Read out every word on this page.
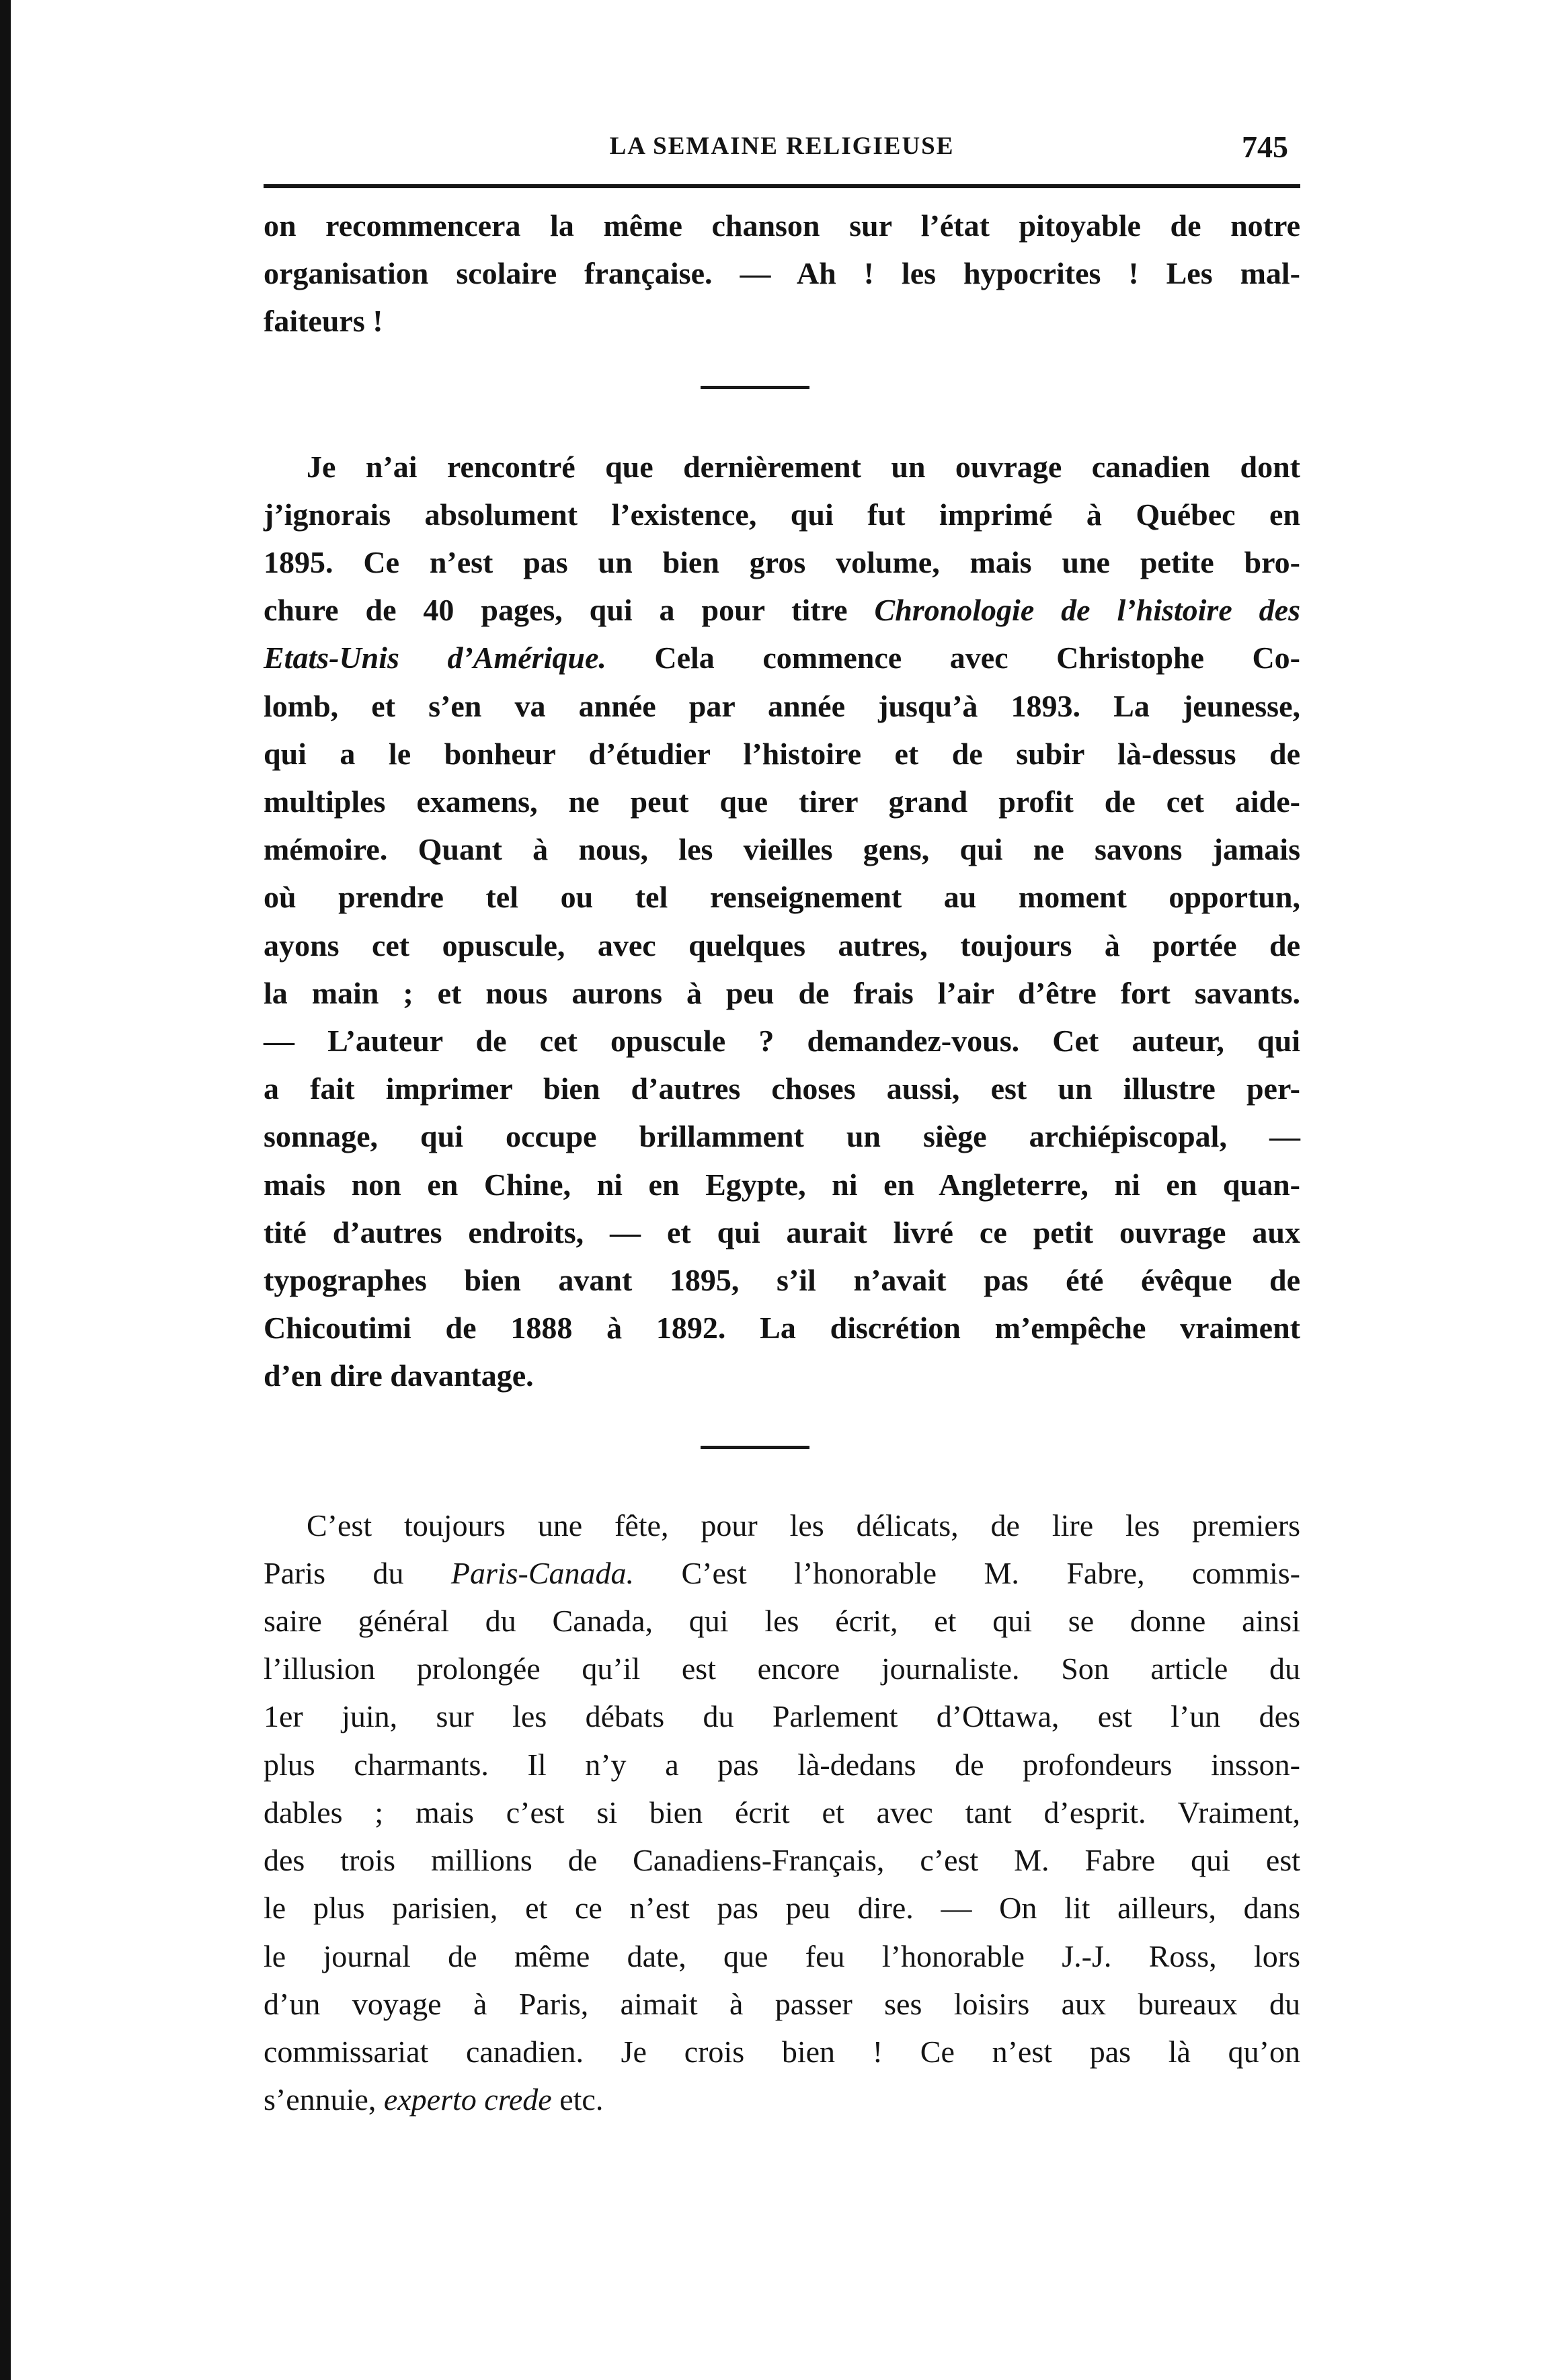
LA SEMAINE RELIGIEUSE	745
on recommencera la même chanson sur l’état pitoyable de notre
organisation scolaire française. — Ah ! les hypocrites ! Les mal-
faiteurs !
Je n’ai rencontré que dernièrement un ouvrage canadien dont
j’ignorais absolument l’existence, qui fut imprimé à Québec en
1895. Ce n’est pas un bien gros volume, mais une petite bro-
chure de 40 pages, qui a pour titre Chronologie de l’histoire des
Etats-Unis d’Amérique. Cela commence avec Christophe Co-
lomb, et s’en va année par année jusqu’à 1893. La jeunesse,
qui a le bonheur d’étudier l’histoire et de subir là-dessus de
multiples examens, ne peut que tirer grand profit de cet aide-
mémoire. Quant à nous, les vieilles gens, qui ne savons jamais
où prendre tel ou tel renseignement au moment opportun,
ayons cet opuscule, avec quelques autres, toujours à portée de
la main ; et nous aurons à peu de frais l’air d’être fort savants.
— L’auteur de cet opuscule ? demandez-vous. Cet auteur, qui
a fait imprimer bien d’autres choses aussi, est un illustre per-
sonnage, qui occupe brillamment un siège archiépiscopal, —
mais non en Chine, ni en Egypte, ni en Angleterre, ni en quan-
tité d’autres endroits, — et qui aurait livré ce petit ouvrage aux
typographes bien avant 1895, s’il n’avait pas été évêque de
Chicoutimi de 1888 à 1892. La discrétion m’empêche vraiment
d’en dire davantage.
C’est toujours une fête, pour les délicats, de lire les premiers
Paris du Paris-Canada. C’est l’honorable M. Fabre, commis-
saire général du Canada, qui les écrit, et qui se donne ainsi
l’illusion prolongée qu’il est encore journaliste. Son article du
1er juin, sur les débats du Parlement d’Ottawa, est l’un des
plus charmants. Il n’y a pas là-dedans de profondeurs insson-
dables ; mais c’est si bien écrit et avec tant d’esprit. Vraiment,
des trois millions de Canadiens-Français, c’est M. Fabre qui est
le plus parisien, et ce n’est pas peu dire. — On lit ailleurs, dans
le journal de même date, que feu l’honorable J.-J. Ross, lors
d’un voyage à Paris, aimait à passer ses loisirs aux bureaux du
commissariat canadien. Je crois bien ! Ce n’est pas là qu’on
s’ennuie, experto crede etc.
